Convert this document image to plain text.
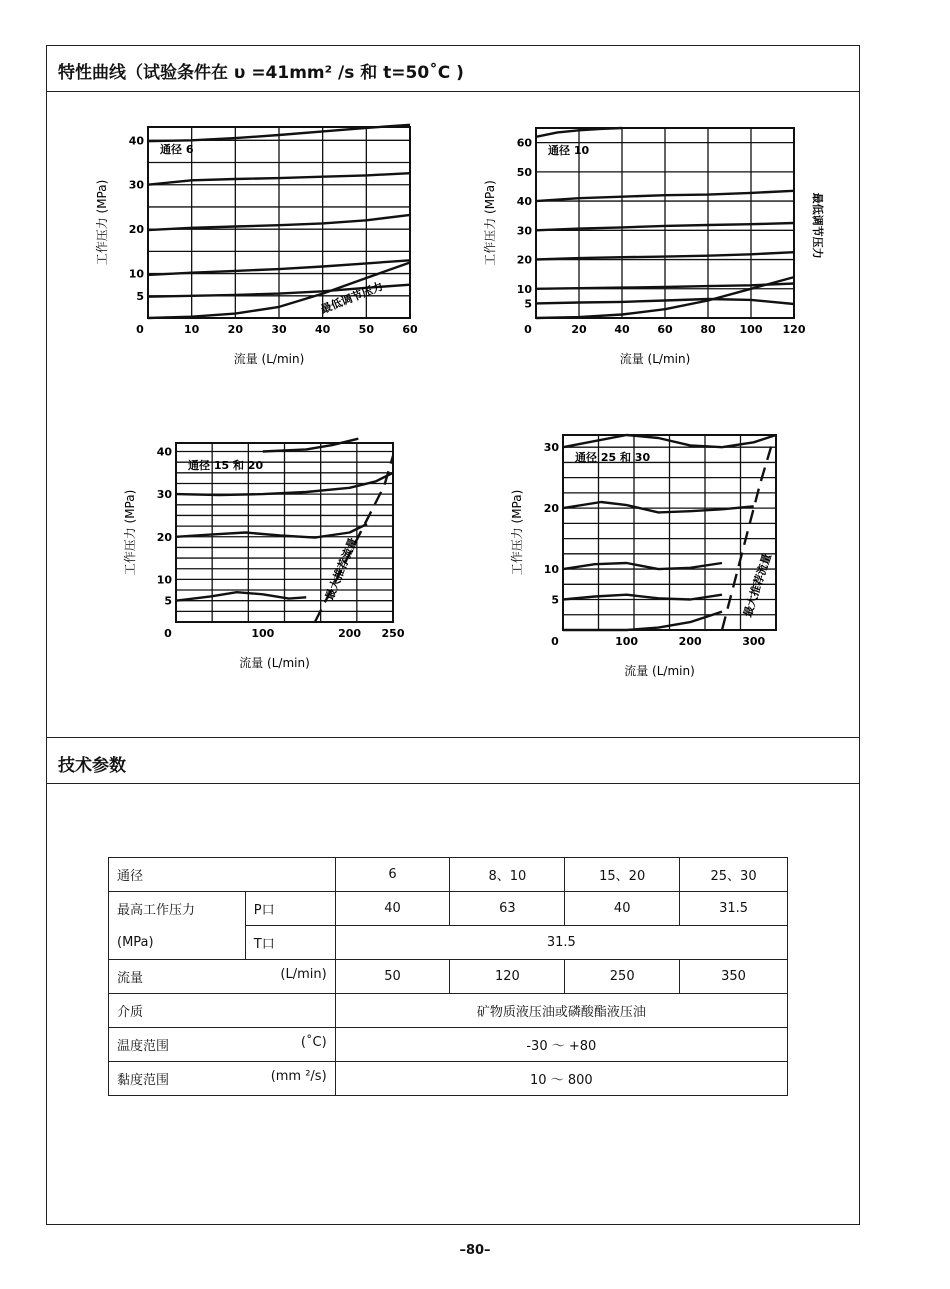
特性曲线（试验条件在 υ =41mm² /s 和 t=50˚C )
5
10
20
30
40
0	10	20	30	40	50	60
工作压力 (MPa)
流量 (L/min)
通径 6
最低调节压力	5
10
20
30
40
50
60
0	20	40	60	80 100 120
工作压力 (MPa)
流量 (L/min)
通径 10
最低调节压力
5
10
20
30
40
0	100	200 250
工作压力 (MPa)
流量 (L/min)
通径 15 和 20
最大推荐流量	5
10
20
30
0	100	200	300
工作压力 (MPa)
流量 (L/min)
通径 25 和 30
最大推荐流量
技术参数
通径		6	8、10	15、20	25、30
最高工作压力	P口	40	63	40	31.5
(MPa)	T口	31.5			

流量 (L/min)		50	120	250	350
介质		矿物质液压油或磷酸酯液压油			

温度范围 (˚C)		-30 ～ +80			

黏度范围 (mm ²/s)		10 ～ 800			
–80–
